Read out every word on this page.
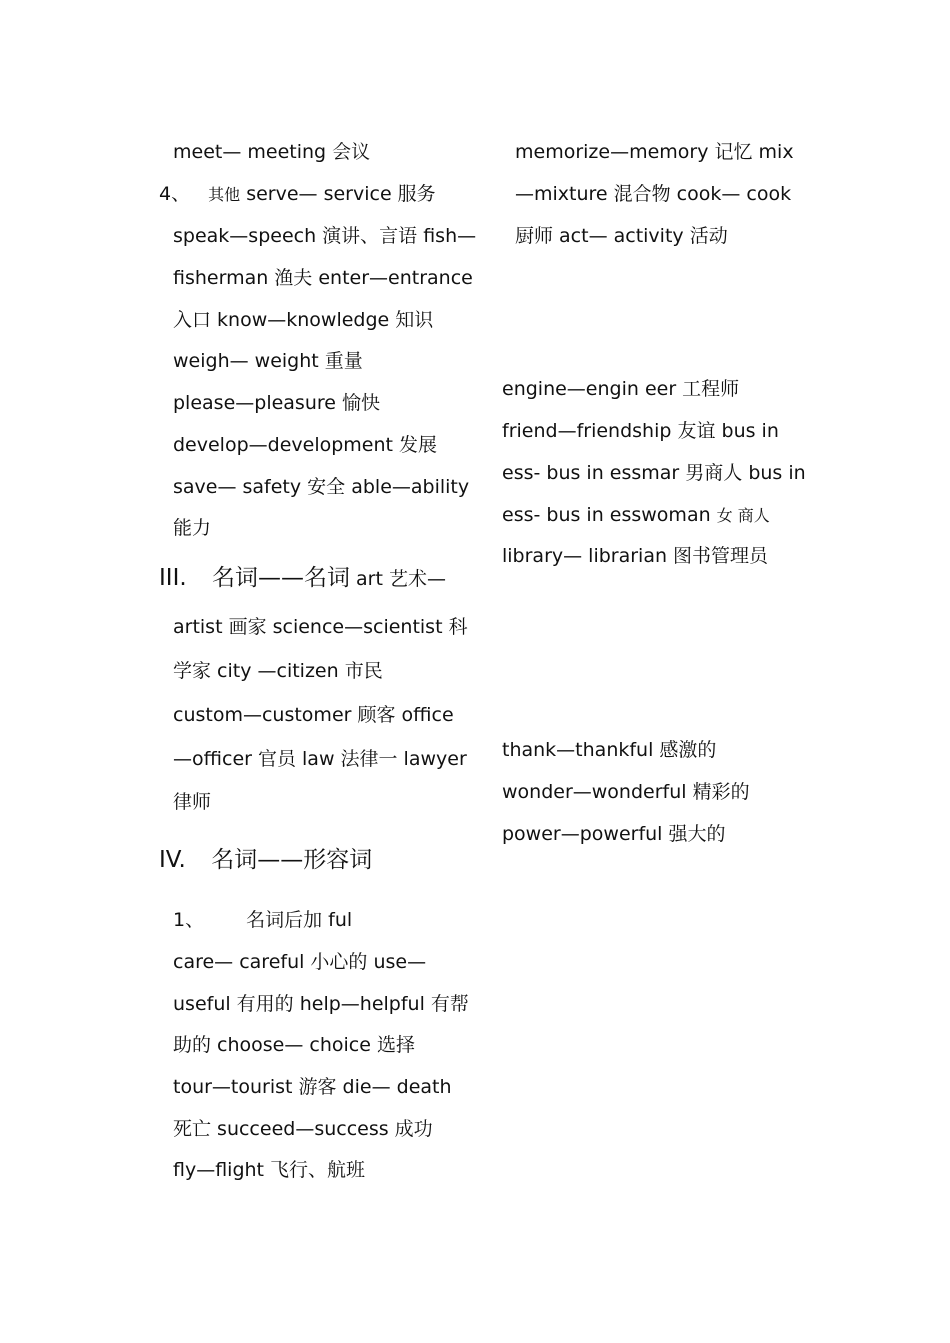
meet— meeting 会议
4、 其他 serve— service 服务
speak—speech 演讲、言语 fish—
fisherman 渔夫 enter—entrance
入口 know—knowledge 知识
weigh— weight 重量
please—pleasure 愉快
develop—development 发展
save— safety 安全 able—ability
能力
III. 名词——名词 art 艺术—
artist 画家 science—scientist 科
学家 city —citizen 市民
custom—customer 顾客 office
—officer 官员 law 法律一 lawyer
律师
IV. 名词——形容词
1、 名词后加 ful
care— careful 小心的 use—
useful 有用的 help—helpful 有帮
助的 choose— choice 选择
tour—tourist 游客 die— death
死亡 succeed—success 成功
fly—flight 飞行、航班
memorize—memory 记忆 mix
—mixture 混合物 cook— cook
厨师 act— activity 活动
engine—engin eer 工程师
friend—friendship 友谊 bus in
ess- bus in essmar 男商人 bus in
ess- bus in esswoman 女 商人
library— librarian 图书管理员
thank—thankful 感激的
wonder—wonderful 精彩的
power—powerful 强大的
